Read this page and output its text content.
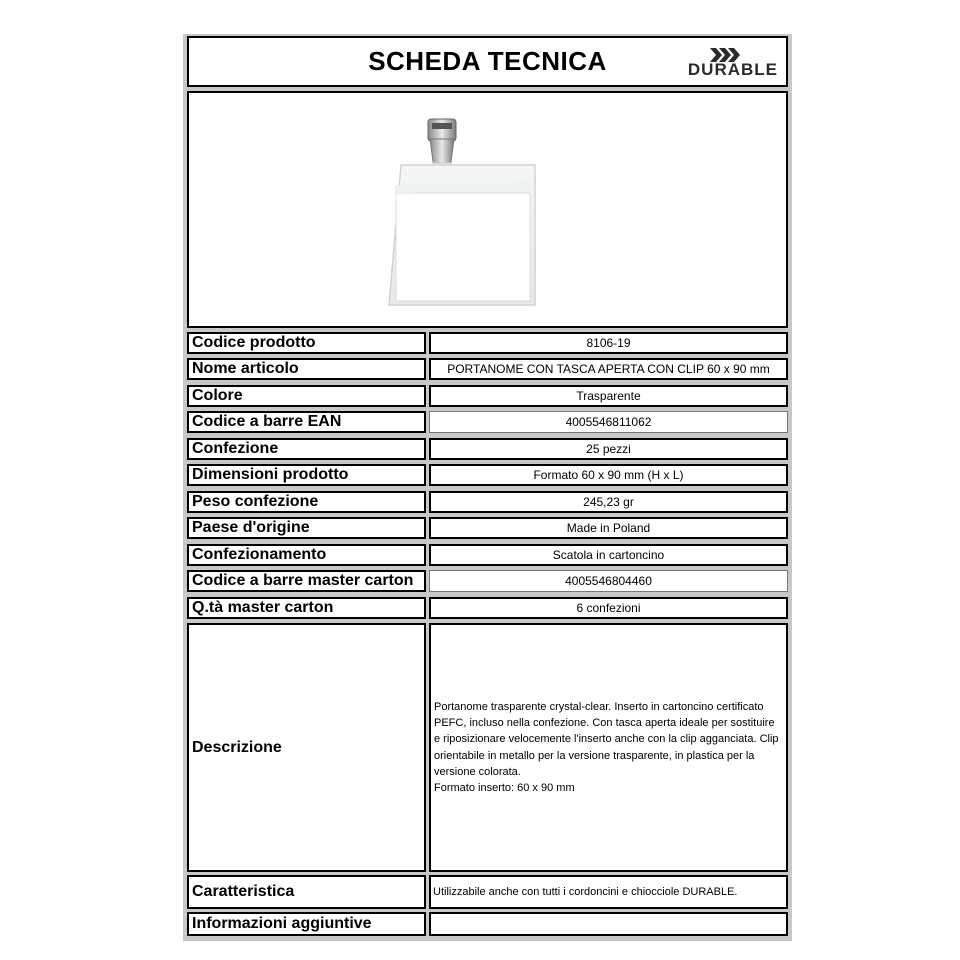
SCHEDA TECNICA	DURABLE
Codice prodotto	8106-19
Nome articolo	PORTANOME CON TASCA APERTA CON CLIP 60 x 90 mm
Colore	Trasparente
Codice a barre EAN	4005546811062
Confezione	25 pezzi
Dimensioni prodotto	Formato 60 x 90 mm (H x L)
Peso confezione	245,23 gr
Paese d'origine	Made in Poland
Confezionamento	Scatola in cartoncino
Codice a barre master carton	4005546804460
Q.tà master carton	6 confezioni
Descrizione

Portanome trasparente crystal-clear. Inserto in cartoncino certificato PEFC, incluso nella confezione. Con tasca aperta ideale per sostituire e riposizionare velocemente l'inserto anche con la clip agganciata. Clip orientabile in metallo per la versione trasparente, in plastica per la versione colorata.

Formato inserto: 60 x 90 mm

Caratteristica	Utilizzabile anche con tutti i cordoncini e chiocciole DURABLE.
Informazioni aggiuntive
